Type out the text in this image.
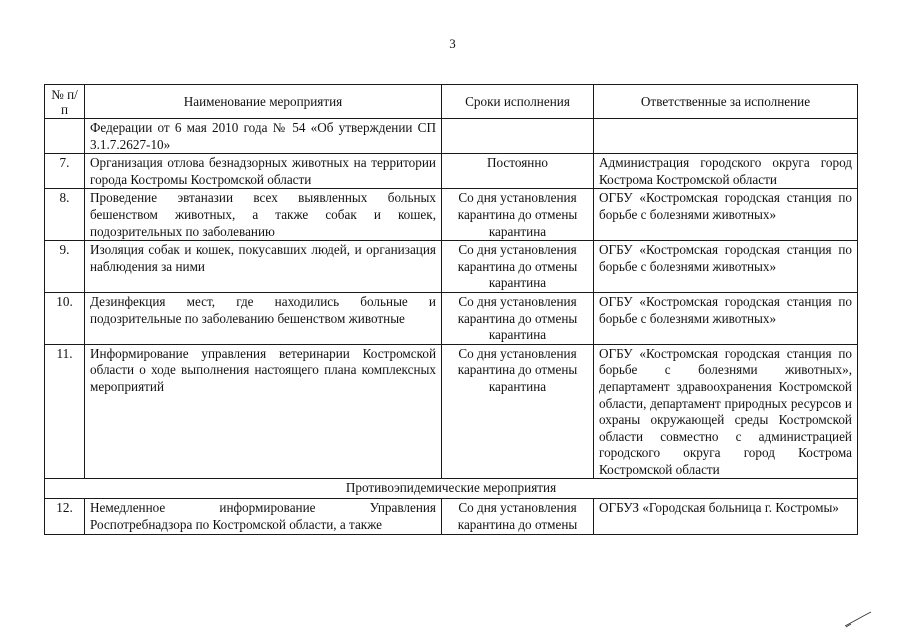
3
№ п/п	Наименование мероприятия	Сроки исполнения	Ответственные за исполнение
	Федерации от 6 мая 2010 года № 54 «Об утверждении СП 3.1.7.2627-10»		
7.	Организация отлова безнадзорных животных на территории города Костромы Костромской области	Постоянно	Администрация городского округа город Кострома Костромской области
8.	Проведение эвтаназии всех выявленных больных бешенством животных, а также собак и кошек, подозрительных по заболеванию	Со дня установления карантина до отмены карантина	ОГБУ «Костромская городская станция по борьбе с болезнями животных»
9.	Изоляция собак и кошек, покусавших людей, и организация наблюдения за ними	Со дня установления карантина до отмены карантина	ОГБУ «Костромская городская станция по борьбе с болезнями животных»
10.	Дезинфекция мест, где находились больные и подозрительные по заболеванию бешенством животные	Со дня установления карантина до отмены карантина	ОГБУ «Костромская городская станция по борьбе с болезнями животных»
11.	Информирование управления ветеринарии Костромской области о ходе выполнения настоящего плана комплексных мероприятий	Со дня установления карантина до отмены карантина	ОГБУ «Костромская городская станция по борьбе с болезнями животных», департамент здравоохранения Костромской области, департамент природных ресурсов и охраны окружающей среды Костромской области совместно с администрацией городского округа город Кострома Костромской области
Противоэпидемические мероприятия			
12.	Немедленное информирование Управления Роспотребнадзора по Костромской области, а также	Со дня установления карантина до отмены	ОГБУЗ «Городская больница г. Костромы»
